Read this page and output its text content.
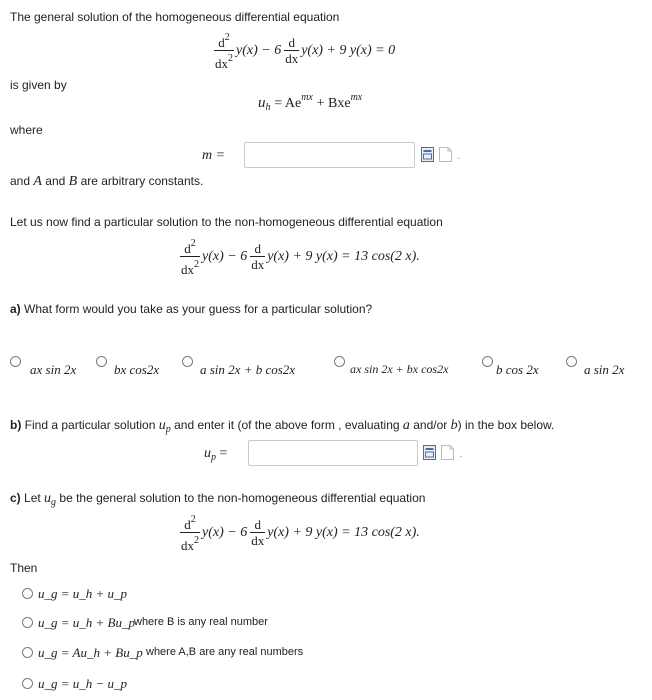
The general solution of the homogeneous differential equation
$\frac{d^2}{dx^2} y(x) - 6 \frac{d}{dx} y(x) + 9$ y(x) = 0
is given by
$u_h = Ae^{mx} + Bxe^{mx}$
where
m =	.
and A and B are arbitrary constants.
Let us now find a particular solution to the non-homogeneous differential equation
$\frac{d^2}{dx^2} y(x) - 6 \frac{d}{dx} y(x) + 9$ y(x) = 13 cos(2 x).
a) What form would you take as your guess for a particular solution?
ax sin 2x	bx cos2x	a sin 2x + b cos2x	ax sin 2x + bx cos2x	b cos 2x	a sin 2x
b) Find a particular solution $u_p$ and enter it (of the above form , evaluating a and/or b) in the box below.
$u_p$ =	.
c) Let $u_g$ be the general solution to the non-homogeneous differential equation
$\frac{d^2}{dx^2} y(x) - 6 \frac{d}{dx} y(x) + 9$ y(x) = 13 cos(2 x).
Then
u_g = u_h + u_p
u_g = u_h + Bu_p where B is any real number
u_g = Au_h + Bu_p where A,B are any real numbers
u_g = u_h − u_p
